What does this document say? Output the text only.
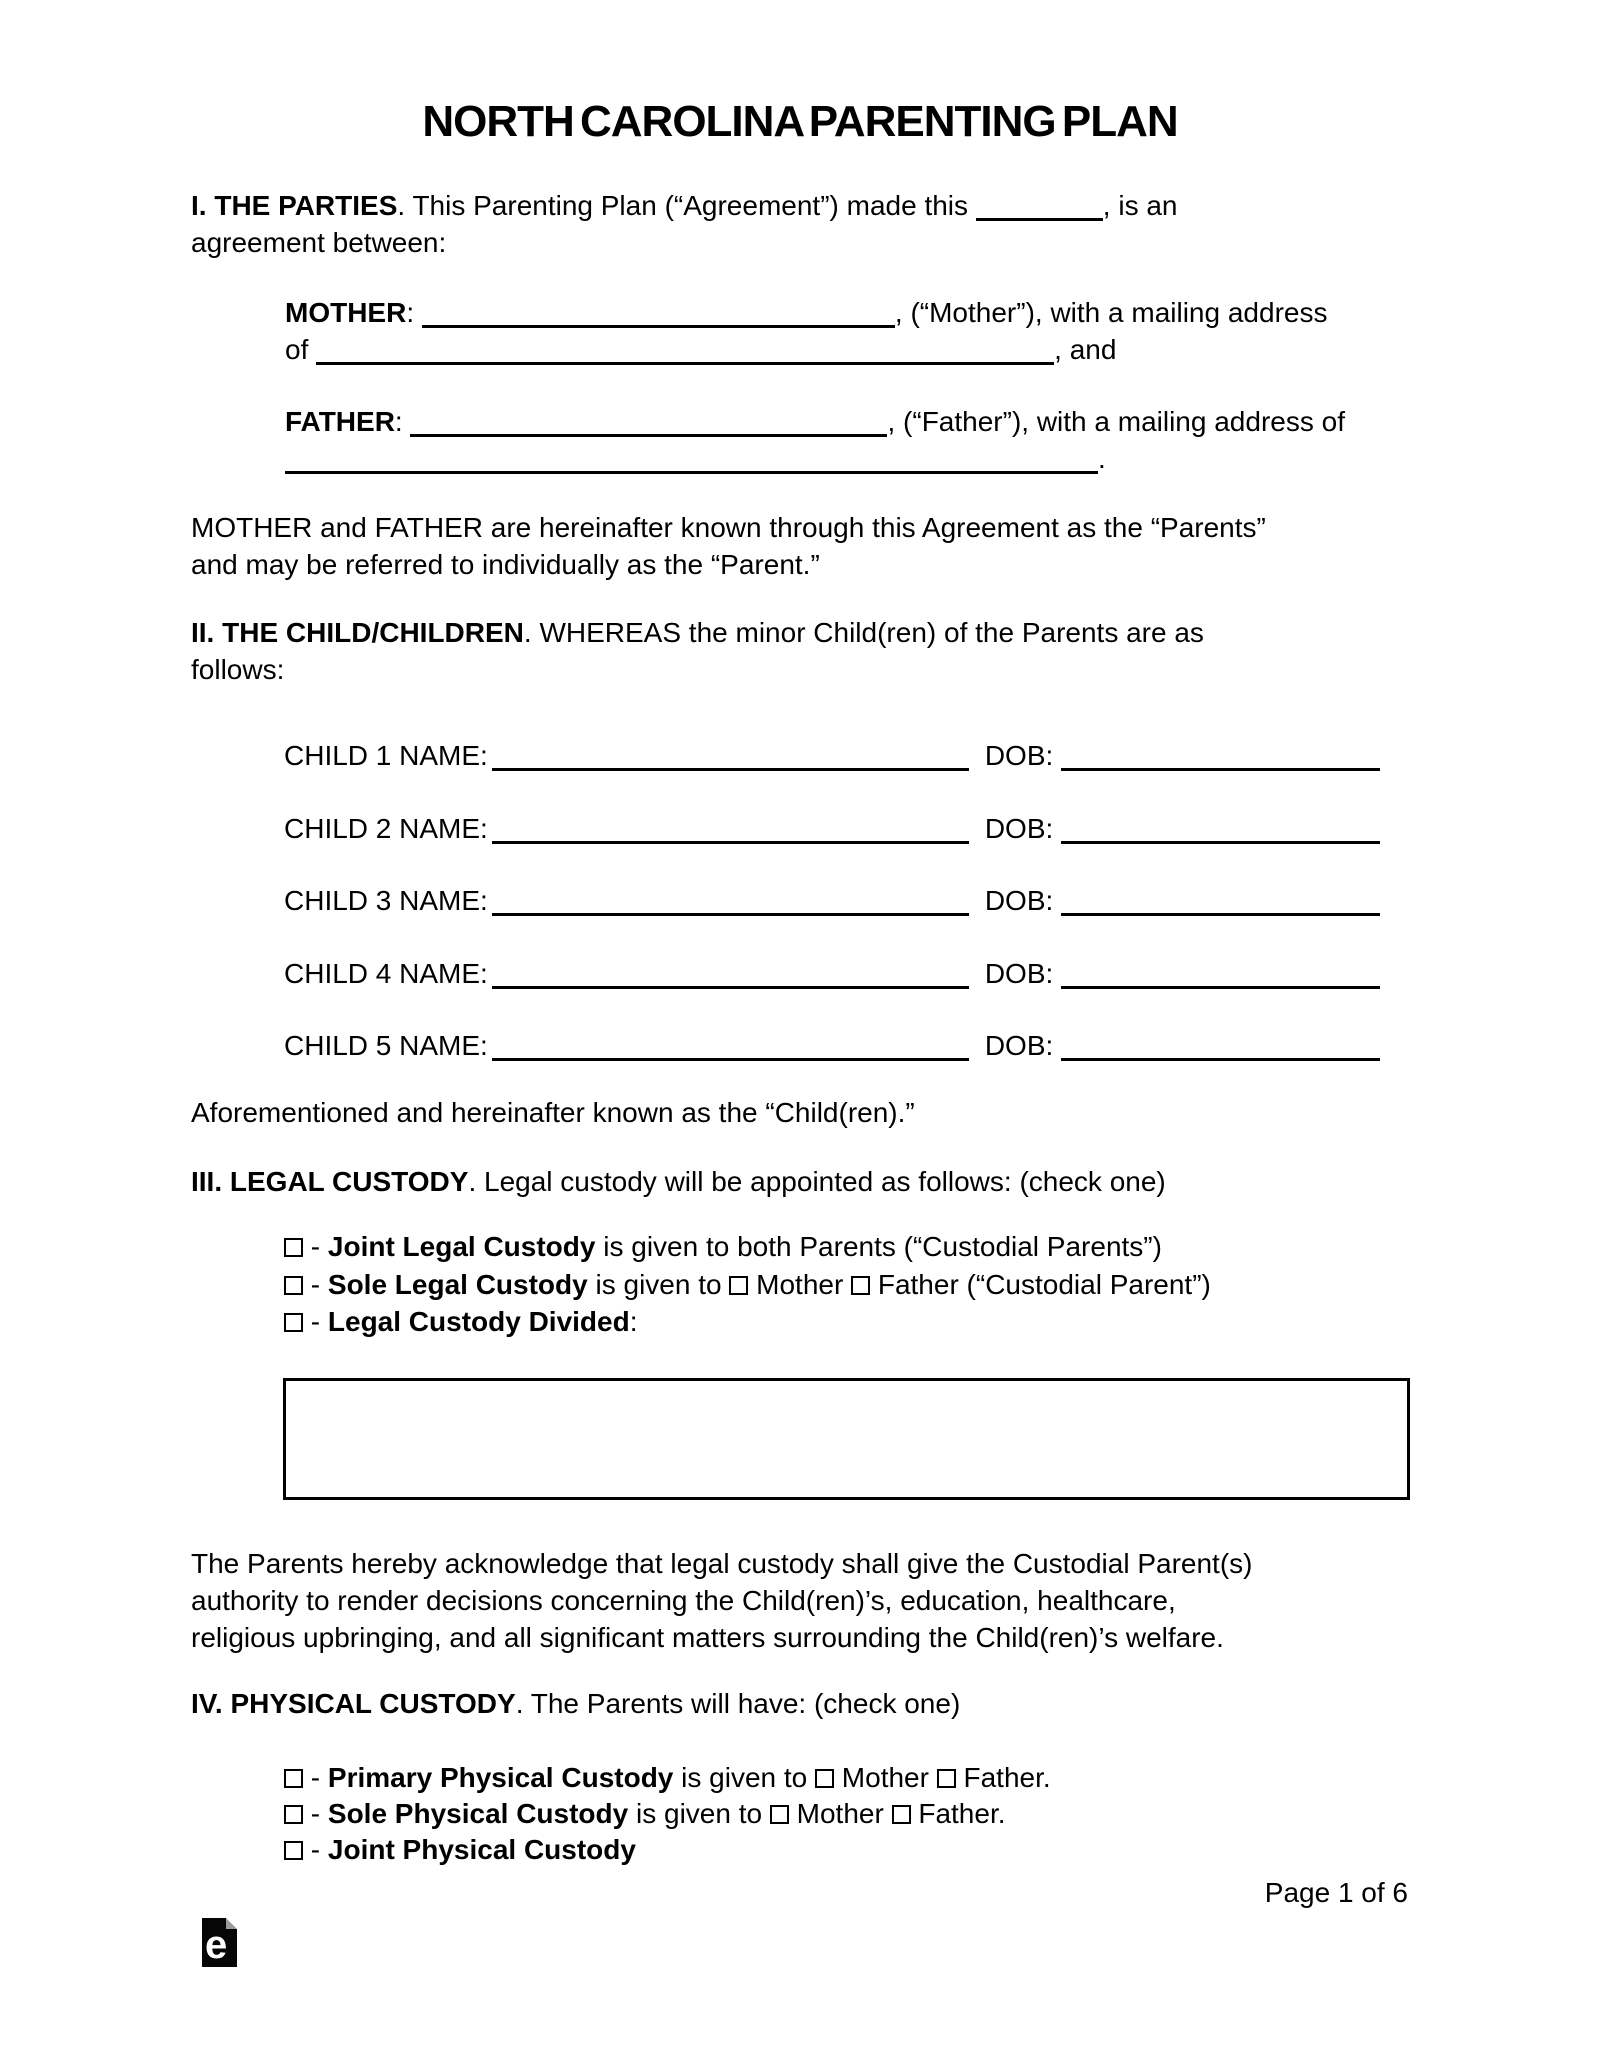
NORTH CAROLINA PARENTING PLAN
I. THE PARTIES. This Parenting Plan (“Agreement”) made this	, is an
agreement between:
MOTHER:	, (“Mother”), with a mailing address
of	, and
FATHER:	, (“Father”), with a mailing address of
.
MOTHER and FATHER are hereinafter known through this Agreement as the “Parents”
and may be referred to individually as the “Parent.”
II. THE CHILD/CHILDREN. WHEREAS the minor Child(ren) of the Parents are as
follows:
CHILD 1 NAME:	DOB:
CHILD 2 NAME:	DOB:
CHILD 3 NAME:	DOB:
CHILD 4 NAME:	DOB:
CHILD 5 NAME:	DOB:
Aforementioned and hereinafter known as the “Child(ren).”
III. LEGAL CUSTODY. Legal custody will be appointed as follows: (check one)
- Joint Legal Custody is given to both Parents (“Custodial Parents”)
- Sole Legal Custody is given to  Mother  Father (“Custodial Parent”)
- Legal Custody Divided:
The Parents hereby acknowledge that legal custody shall give the Custodial Parent(s)
authority to render decisions concerning the Child(ren)’s, education, healthcare,
religious upbringing, and all significant matters surrounding the Child(ren)’s welfare.
IV. PHYSICAL CUSTODY. The Parents will have: (check one)
- Primary Physical Custody is given to  Mother  Father.
- Sole Physical Custody is given to  Mother  Father.
- Joint Physical Custody
Page 1 of 6
e
